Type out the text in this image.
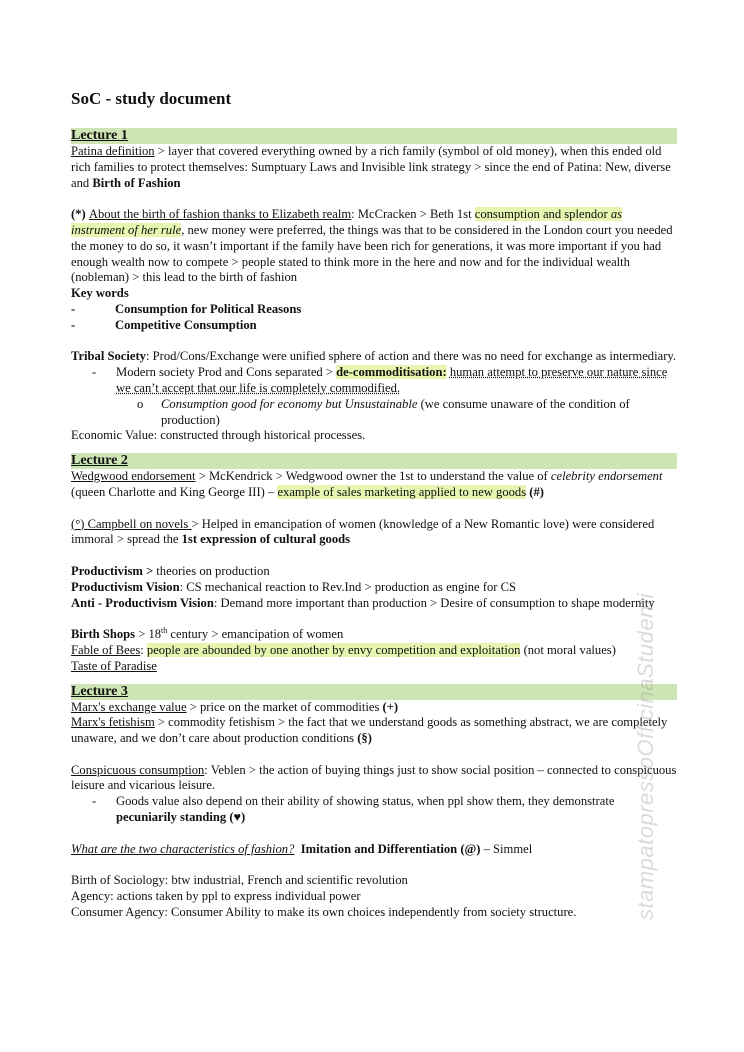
SoC - study document
Lecture 1

Patina definition > layer that covered everything owned by a rich family (symbol of old money), when this ended old rich families to protect themselves: Sumptuary Laws and Invisible link strategy > since the end of Patina: New, diverse and Birth of Fashion

(*) About the birth of fashion thanks to Elizabeth realm: McCracken > Beth 1st consumption and splendor as instrument of her rule, new money were preferred, the things was that to be considered in the London court you needed the money to do so, it wasn’t important if the family have been rich for generations, it was more important if you had enough wealth now to compete > people stated to think more in the here and now and for the individual wealth (nobleman) > this lead to the birth of fashion

Key words

-	Consumption for Political Reasons
-	Competitive Consumption

Tribal Society: Prod/Cons/Exchange were unified sphere of action and there was no need for exchange as intermediary.

-	Modern society Prod and Cons separated > de-commoditisation: human attempt to preserve our nature since we can’t accept that our life is completely commodified.
o	Consumption good for economy but Unsustainable (we consume unaware of the condition of production)

Economic Value: constructed through historical processes.

Lecture 2

Wedgwood endorsement > McKendrick > Wedgwood owner the 1st to understand the value of celebrity endorsement (queen Charlotte and King George III) – example of sales marketing applied to new goods (#)

(°) Campbell on novels > Helped in emancipation of women (knowledge of a New Romantic love) were considered immoral > spread the 1st expression of cultural goods

Productivism > theories on production

Productivism Vision: CS mechanical reaction to Rev.Ind > production as engine for CS

Anti - Productivism Vision: Demand more important than production > Desire of consumption to shape modernity

Birth Shops > 18th century > emancipation of women

Fable of Bees: people are abounded by one another by envy competition and exploitation (not moral values)

Taste of Paradise

Lecture 3

Marx's exchange value > price on the market of commodities (+)

Marx's fetishism > commodity fetishism > the fact that we understand goods as something abstract, we are completely unaware, and we don’t care about production conditions (§)

Conspicuous consumption: Veblen > the action of buying things just to show social position – connected to conspicuous leisure and vicarious leisure.

-	Goods value also depend on their ability of showing status, when ppl show them, they demonstrate pecuniarily standing (♥)

What are the two characteristics of fashion?  Imitation and Differentiation (@) – Simmel

Birth of Sociology: btw industrial, French and scientific revolution

Agency: actions taken by ppl to express individual power

Consumer Agency: Consumer Ability to make its own choices independently from society structure.	stampatopressoOfficinaStudenti
